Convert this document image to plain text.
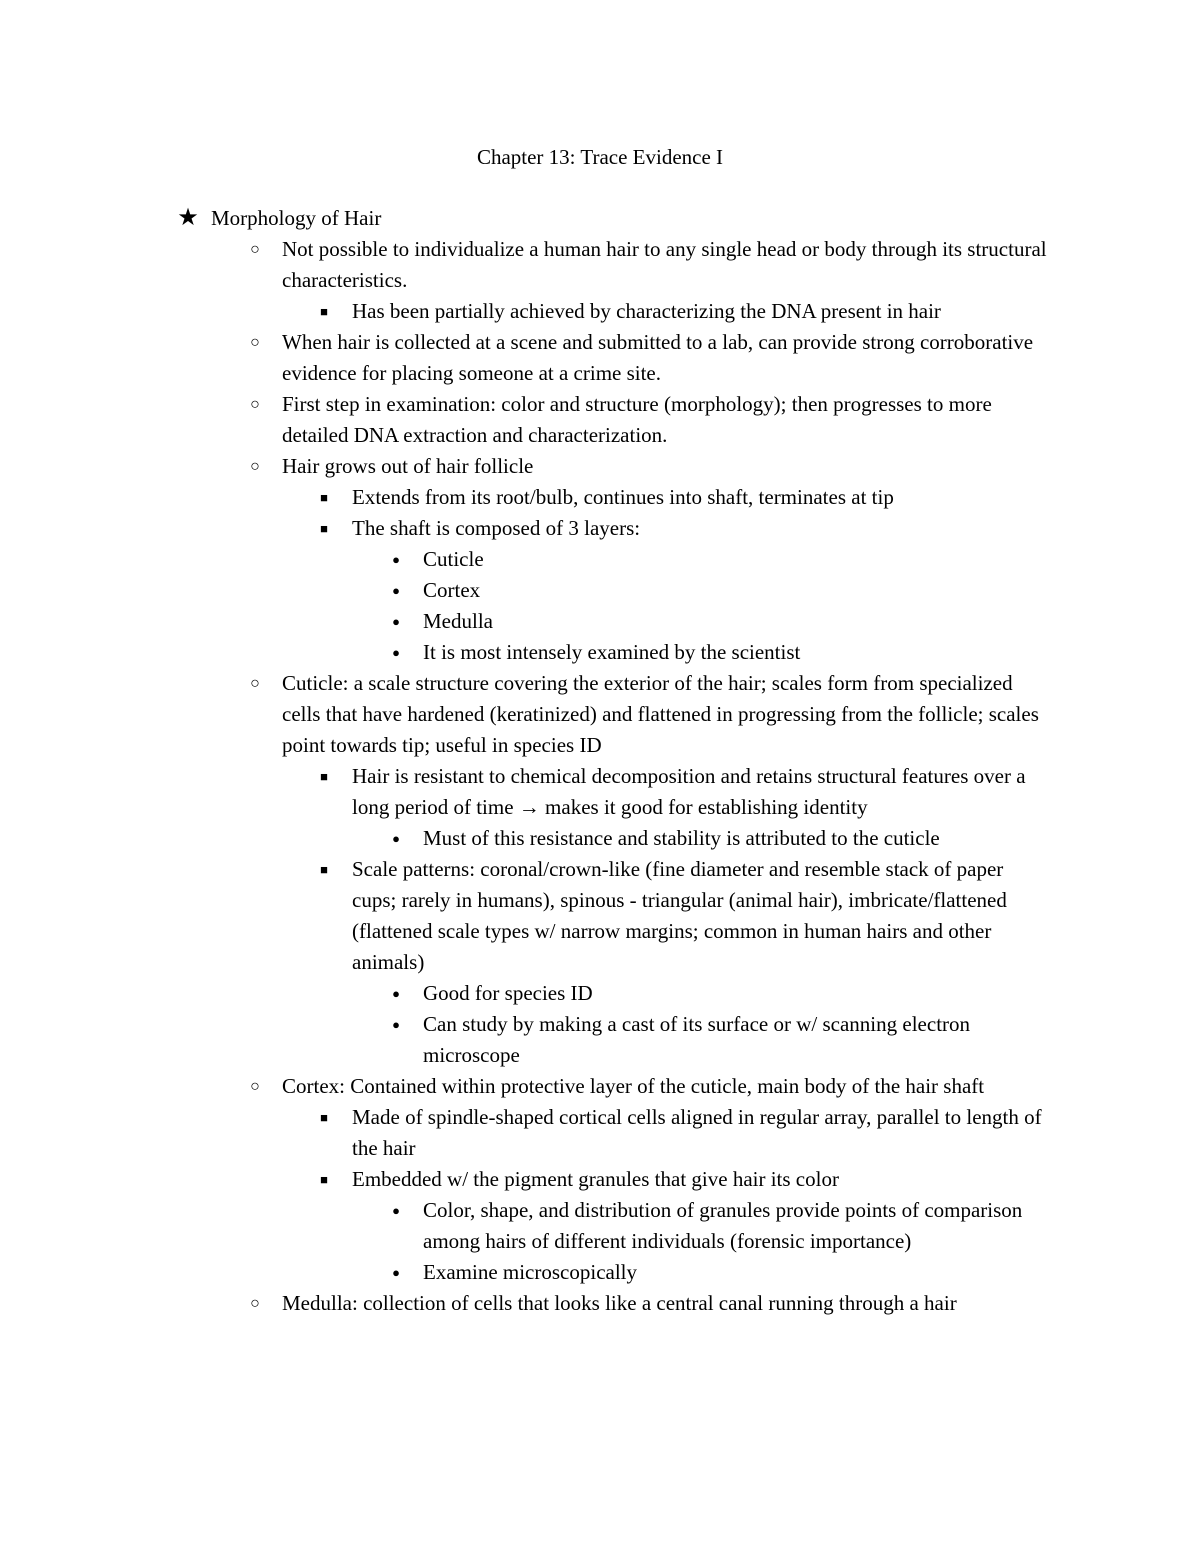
Chapter 13: Trace Evidence I
★ Morphology of Hair
○	Not possible to individualize a human hair to any single head or body through its structural characteristics.
■	Has been partially achieved by characterizing the DNA present in hair
○	When hair is collected at a scene and submitted to a lab, can provide strong corroborative evidence for placing someone at a crime site.
○	First step in examination: color and structure (morphology); then progresses to more detailed DNA extraction and characterization.
○	Hair grows out of hair follicle
■	Extends from its root/bulb, continues into shaft, terminates at tip
■	The shaft is composed of 3 layers:
●	Cuticle
●	Cortex
●	Medulla
●	It is most intensely examined by the scientist
○	Cuticle: a scale structure covering the exterior of the hair; scales form from specialized cells that have hardened (keratinized) and flattened in progressing from the follicle; scales point towards tip; useful in species ID
■	Hair is resistant to chemical decomposition and retains structural features over a long period of time → makes it good for establishing identity
●	Must of this resistance and stability is attributed to the cuticle
■	Scale patterns: coronal/crown-like (fine diameter and resemble stack of paper cups; rarely in humans), spinous - triangular (animal hair), imbricate/flattened (flattened scale types w/ narrow margins; common in human hairs and other animals)
●	Good for species ID
●	Can study by making a cast of its surface or w/ scanning electron microscope
○	Cortex: Contained within protective layer of the cuticle, main body of the hair shaft
■	Made of spindle-shaped cortical cells aligned in regular array, parallel to length of the hair
■	Embedded w/ the pigment granules that give hair its color
●	Color, shape, and distribution of granules provide points of comparison among hairs of different individuals (forensic importance)
●	Examine microscopically
○	Medulla: collection of cells that looks like a central canal running through a hair
